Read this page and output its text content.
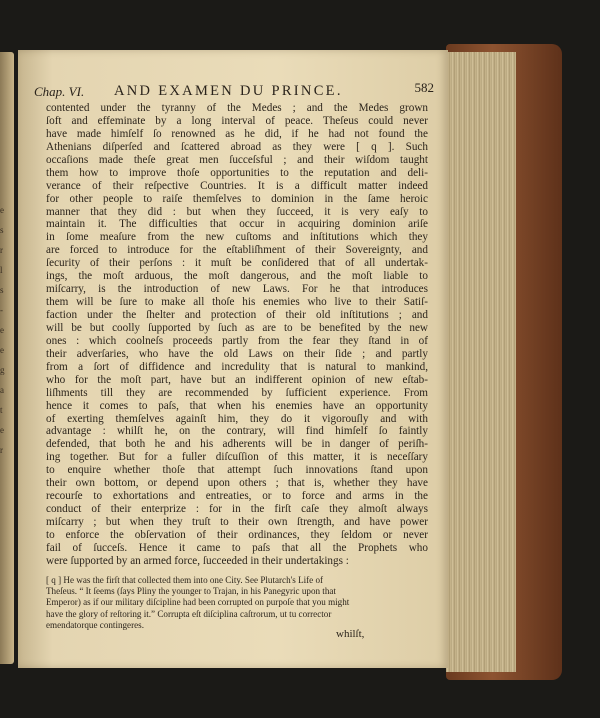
e
s
r
l
s
-
e
e
g
a
t
e
r
Chap. VI. AND EXAMEN DU PRINCE.	582
contented under the tyranny of the Medes ; and the Medes grown
ſoft and effeminate by a long interval of peace. Theſeus could never
have made himſelf ſo renowned as he did, if he had not found the
Athenians diſperſed and ſcattered abroad as they were [ q ]. Such
occaſions made theſe great men ſucceſsful ; and their wiſdom taught
them how to improve thoſe opportunities to the reputation and deli-
verance of their reſpective Countries. It is a difficult matter indeed
for other people to raiſe themſelves to dominion in the ſame heroic
manner that they did : but when they ſucceed, it is very eaſy to
maintain it. The difficulties that occur in acquiring dominion ariſe
in ſome meaſure from the new cuſtoms and inſtitutions which they
are forced to introduce for the eſtabliſhment of their Sovereignty, and
ſecurity of their perſons : it muſt be conſidered that of all undertak-
ings, the moſt arduous, the moſt dangerous, and the moſt liable to
miſcarry, is the introduction of new Laws. For he that introduces
them will be ſure to make all thoſe his enemies who live to their Satiſ-
faction under the ſhelter and protection of their old inſtitutions ; and
will be but coolly ſupported by ſuch as are to be benefited by the new
ones : which coolneſs proceeds partly from the fear they ſtand in of
their adverſaries, who have the old Laws on their ſide ; and partly
from a ſort of diffidence and incredulity that is natural to mankind,
who for the moſt part, have but an indifferent opinion of new eſtab-
liſhments till they are recommended by ſufficient experience. From
hence it comes to paſs, that when his enemies have an opportunity
of exerting themſelves againſt him, they do it vigorouſly and with
advantage : whilſt he, on the contrary, will find himſelf ſo faintly
defended, that both he and his adherents will be in danger of periſh-
ing together. But for a fuller diſcuſſion of this matter, it is neceſſary
to enquire whether thoſe that attempt ſuch innovations ſtand upon
their own bottom, or depend upon others ; that is, whether they have
recourſe to exhortations and entreaties, or to force and arms in the
conduct of their enterprize : for in the firſt caſe they almoſt always
miſcarry ; but when they truſt to their own ſtrength, and have power
to enforce the obſervation of their ordinances, they ſeldom or never
fail of ſucceſs. Hence it came to paſs that all the Prophets who
were ſupported by an armed force, ſucceeded in their undertakings :
[ q ] He was the firſt that collected them into one City. See Plutarch's Life of
Theſeus. “ It ſeems (ſays Pliny the younger to Trajan, in his Panegyric upon that
Emperor) as if our military diſcipline had been corrupted on purpoſe that you might
have the glory of reſtoring it.” Corrupta eſt diſciplina caſtrorum, ut tu corrector
emendatorque contingeres.
whilſt,
